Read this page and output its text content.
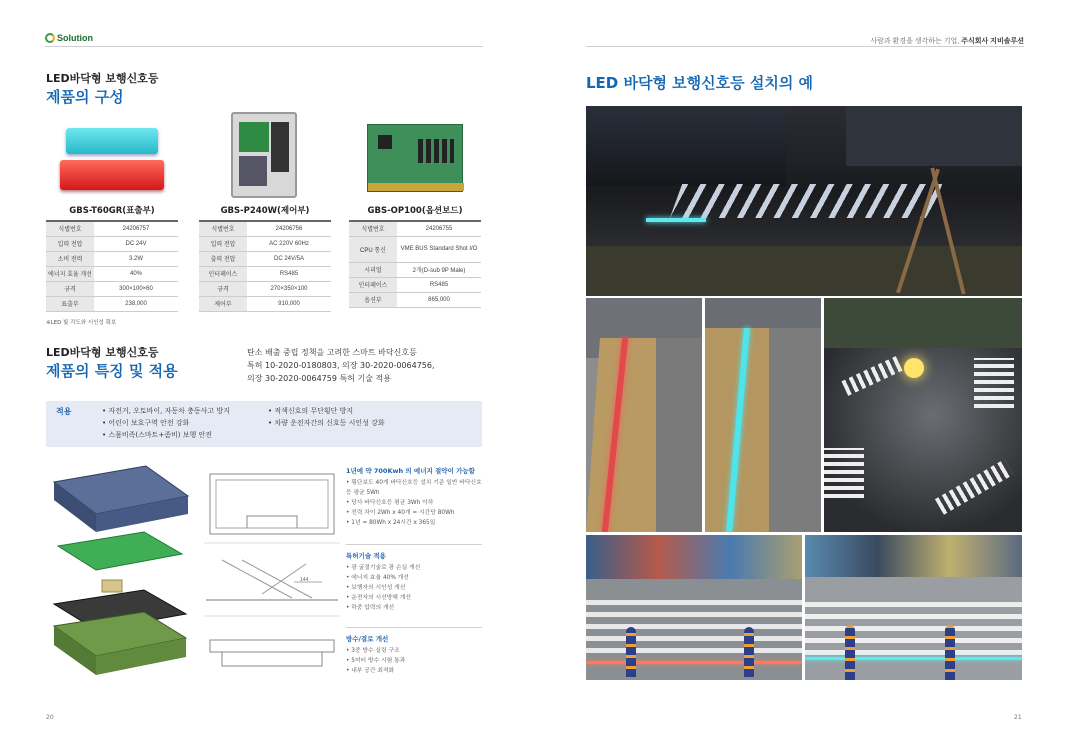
Solution	사람과 환경을 생각하는 기업, 주식회사 지비솔루션
LED바닥형 보행신호등
제품의 구성
GBS-T60GR(표출부)
식별번호	24206757
입력 전압	DC 24V
소비 전력	3.2W
에너지 효율 개선	40%
규격	300×100×60
표출부	238,000
GBS-P240W(제어부)
식별번호	24206756
입력 전압	AC 220V 60Hz
출력 전압	DC 24V/5A
인터페이스	RS485
규격	270×350×100
제어부	910,000
GBS-OP100(옵션보드)
식별번호	24206755
CPU 통신	VME BUS Standard Shot I/O
시리얼	2개(D-sub 9P Male)
인터페이스	RS485
옵션부	865,000
※LED 빛 각도와 시인성 확보
LED바닥형 보행신호등
제품의 특징 및 적용
탄소 배출 중립 정책을 고려한 스마트 바닥신호등
특허 10-2020-0180803, 의장 30-2020-0064756,
의장 30-2020-0064759 특허 기술 적용
적용	• 자전거, 오토바이, 자동차 충동사고 방지
• 어린이 보호구역 안전 강화
• 스몸비족(스마트+좀비) 보행 안전
• 적색신호의 무단횡단 방지
• 차량 운전자간의 신호등 시인성 강화
144
1년에 약 700Kwh 의 에너지 절약이 가능함
• 횡단보도 40개 바닥신호등 설치 기준 일반 바닥신호등 평균 5Wh
• 당사 바닥신호등 평균 3Wh 이하
• 전력 차이 2Wh x 40개 = 시간당 80Wh
• 1년 = 80Wh x 24시간 x 365일
특허기술 적용
• 광 굴절기술로 광 손실 개선
• 에너지 효율 40% 개선
• 보행자의 시인성 개선
• 운전자의 시선방해 개선
• 하중 압력의 개선
방수/결로 개선
• 3중 방수 실링 구조
• 5미터 방수 시험 통과
• 내부 공간 최적화
20
LED 바닥형 보행신호등 설치의 예
21
